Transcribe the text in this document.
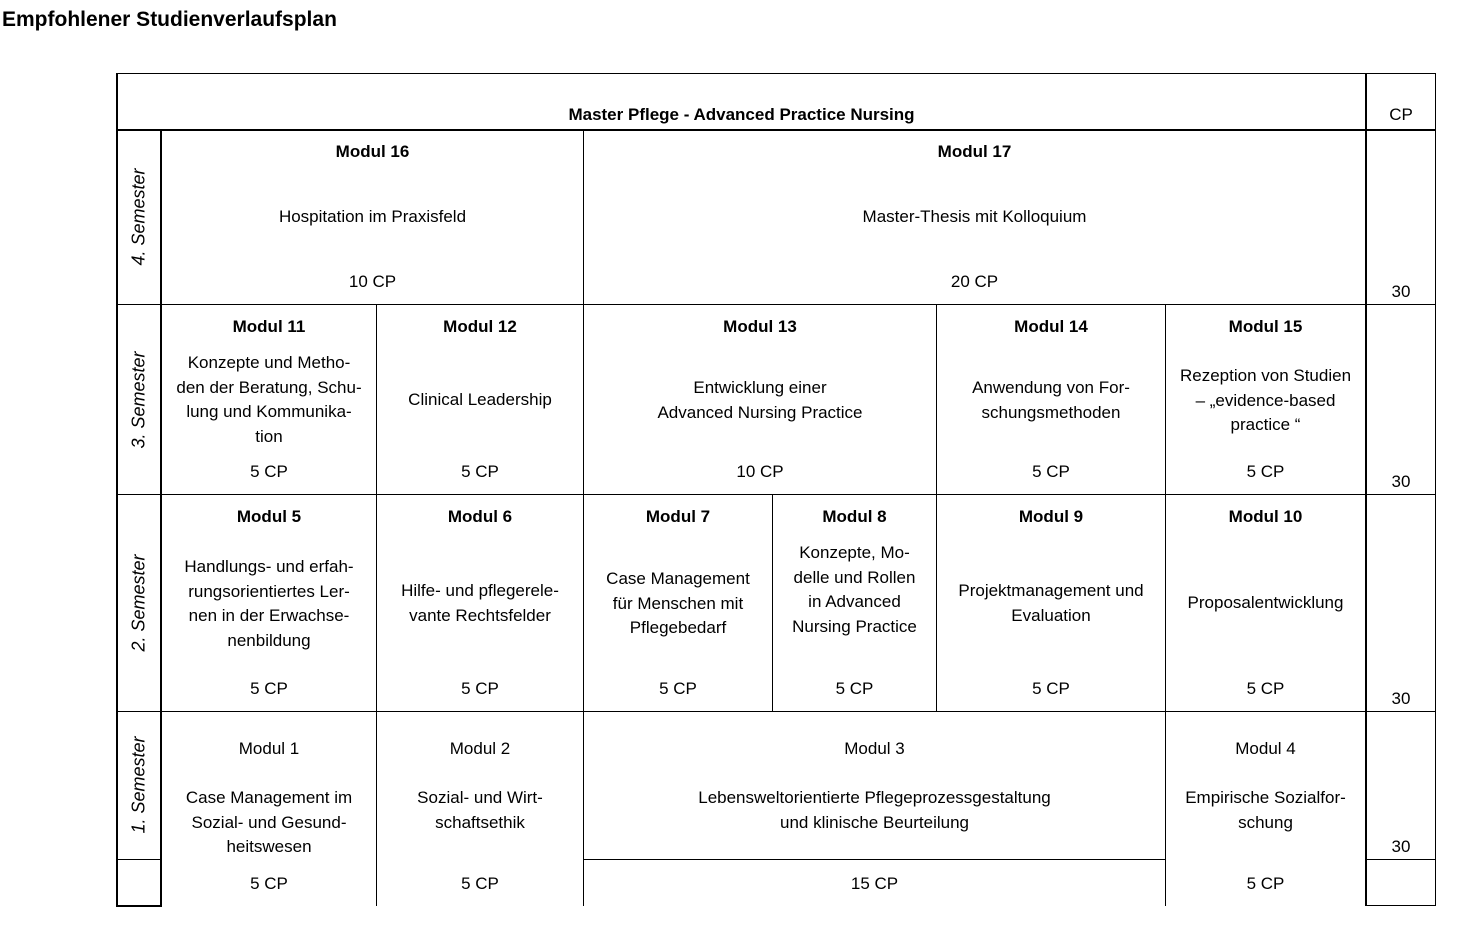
Empfohlener Studienverlaufsplan
Master Pflege - Advanced Practice Nursing	CP
4. Semester
3. Semester
2. Semester
1. Semester
30
30
30
30
Modul 16
Hospitation im Praxisfeld
10 CP
Modul 17
Master-Thesis mit Kolloquium
20 CP
Modul 11
Konzepte und Metho-
den der Beratung, Schu-
lung und Kommunika-
tion
5 CP
Modul 12
Clinical Leadership
5 CP
Modul 13
Entwicklung einer
Advanced Nursing Practice
10 CP
Modul 14
Anwendung von For-
schungsmethoden
5 CP
Modul 15
Rezeption von Studien
– „evidence-based
practice “
5 CP
Modul 5
Handlungs- und erfah-
rungsorientiertes Ler-
nen in der Erwachse-
nenbildung
5 CP
Modul 6
Hilfe- und pflegerele-
vante Rechtsfelder
5 CP
Modul 7
Case Management
für Menschen mit
Pflegebedarf
5 CP
Modul 8
Konzepte, Mo-
delle und Rollen
in Advanced
Nursing Practice
5 CP
Modul 9
Projektmanagement und
Evaluation
5 CP
Modul 10
Proposalentwicklung
5 CP
Modul 1
Case Management im
Sozial- und Gesund-
heitswesen
5 CP
Modul 2
Sozial- und Wirt-
schaftsethik
5 CP
Modul 3
Lebensweltorientierte Pflegeprozessgestaltung
und klinische Beurteilung
15 CP
Modul 4
Empirische Sozialfor-
schung
5 CP
